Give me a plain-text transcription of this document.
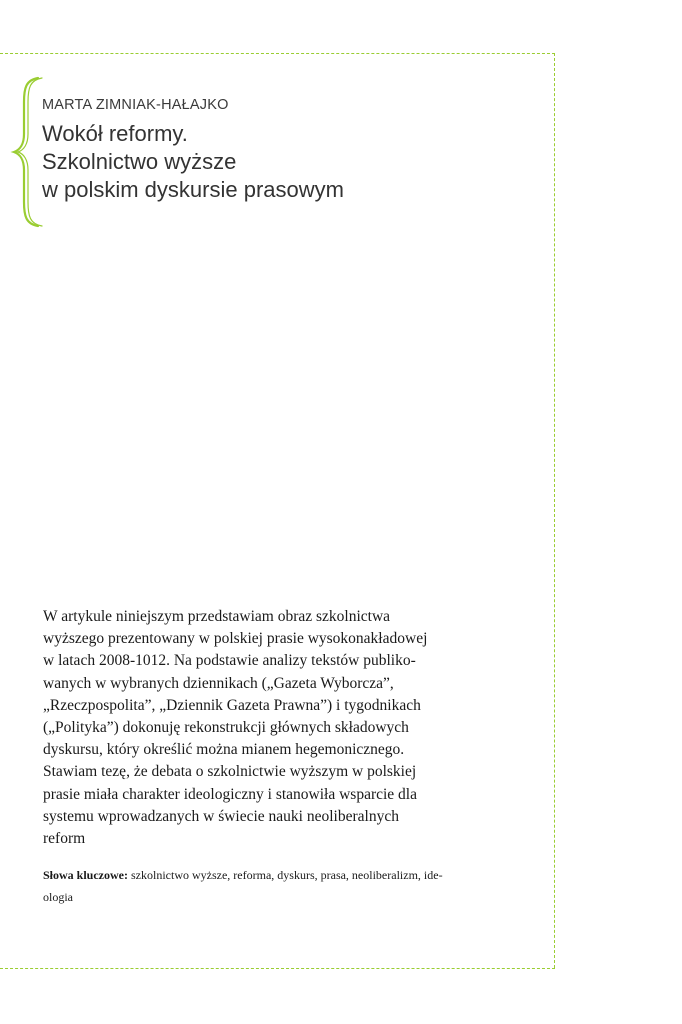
MARTA ZIMNIAK-HAŁAJKO
Wokół reformy.
Szkolnictwo wyższe
w polskim dyskursie prasowym
W artykule niniejszym przedstawiam obraz szkolnictwa
wyższego prezentowany w polskiej prasie wysokonakładowej
w latach 2008-1012. Na podstawie analizy tekstów publiko-
wanych w wybranych dziennikach („Gazeta Wyborcza”,
„Rzeczpospolita”, „Dziennik Gazeta Prawna”) i tygodnikach
(„Polityka”) dokonuję rekonstrukcji głównych składowych
dyskursu, który określić można mianem hegemonicznego.
Stawiam tezę, że debata o szkolnictwie wyższym w polskiej
prasie miała charakter ideologiczny i stanowiła wsparcie dla
systemu wprowadzanych w świecie nauki neoliberalnych
reform
Słowa kluczowe: szkolnictwo wyższe, reforma, dyskurs, prasa, neoliberalizm, ide-
ologia
